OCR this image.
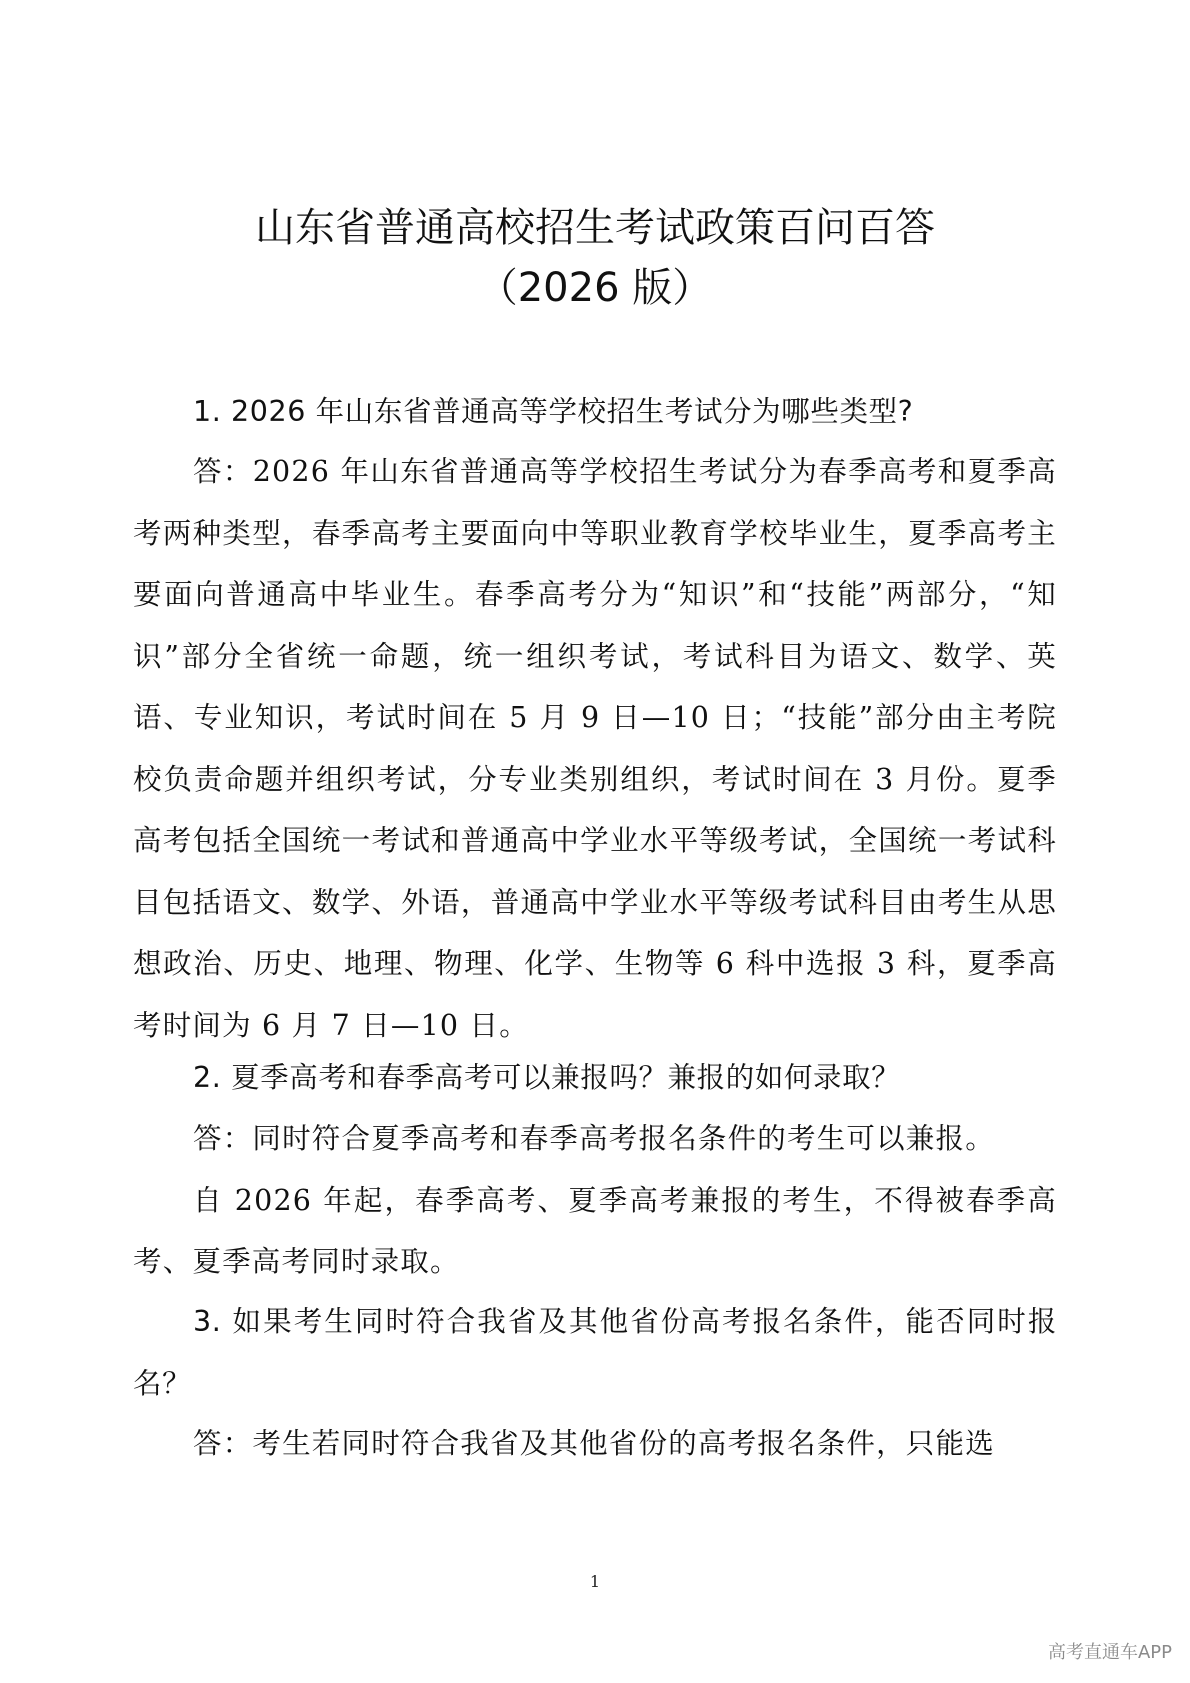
山东省普通高校招生考试政策百问百答
（2026 版）

1. 2026 年山东省普通高等学校招生考试分为哪些类型?

答：2026 年山东省普通高等学校招生考试分为春季高考和夏季高考两种类型，春季高考主要面向中等职业教育学校毕业生，夏季高考主要面向普通高中毕业生。春季高考分为“知识”和“技能”两部分，“知识”部分全省统一命题，统一组织考试，考试科目为语文、数学、英语、专业知识，考试时间在 5 月 9 日—10 日；“技能”部分由主考院校负责命题并组织考试，分专业类别组织，考试时间在 3 月份。夏季高考包括全国统一考试和普通高中学业水平等级考试，全国统一考试科目包括语文、数学、外语，普通高中学业水平等级考试科目由考生从思想政治、历史、地理、物理、化学、生物等 6 科中选报 3 科，夏季高考时间为 6 月 7 日—10 日。

2. 夏季高考和春季高考可以兼报吗？兼报的如何录取？

答：同时符合夏季高考和春季高考报名条件的考生可以兼报。

自 2026 年起，春季高考、夏季高考兼报的考生，不得被春季高考、夏季高考同时录取。

3. 如果考生同时符合我省及其他省份高考报名条件，能否同时报名？

答：考生若同时符合我省及其他省份的高考报名条件，只能选

1
高考直通车APP
